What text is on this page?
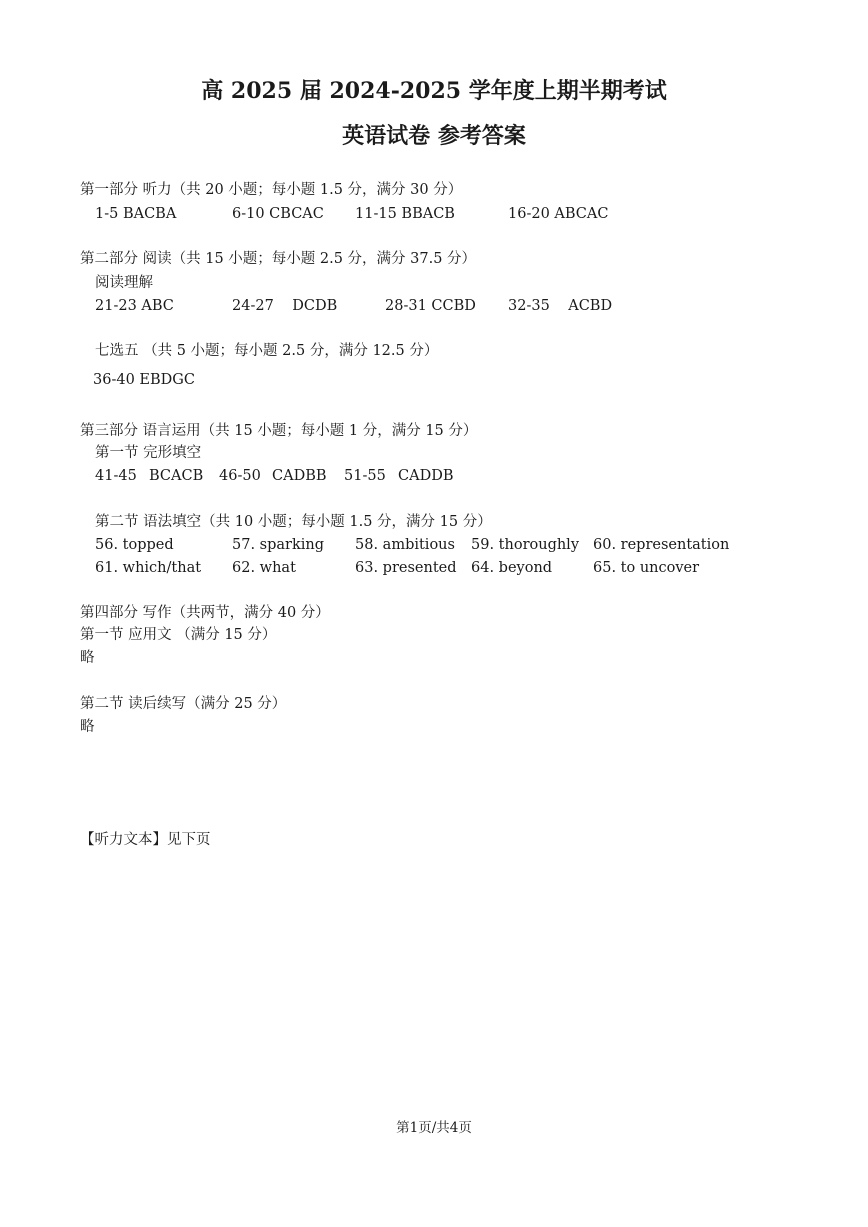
高 2025 届 2024-2025 学年度上期半期考试
英语试卷 参考答案
第一部分 听力（共 20 小题；每小题 1.5 分，满分 30 分）
1-5 BACBA	6-10 CBCAC 11-15 BBACB	16-20 ABCAC
第二部分 阅读（共 15 小题；每小题 2.5 分，满分 37.5 分）
阅读理解
21-23 ABC	24-27    DCDB	28-31 CCBD 32-35    ACBD
七选五 （共 5 小题；每小题 2.5 分，满分 12.5 分）
36-40 EBDGC
第三部分 语言运用（共 15 小题；每小题 1 分，满分 15 分）
第一节 完形填空
41-45 BCACB 46-50 CADBB 51-55 CADDB
第二节 语法填空（共 10 小题；每小题 1.5 分，满分 15 分）
56. topped	57. sparking 58. ambitious 59. thoroughly 60. representation
61. which/that 62. what	63. presented 64. beyond	65. to uncover
第四部分 写作（共两节，满分 40 分）
第一节 应用文 （满分 15 分）
略
第二节 读后续写（满分 25 分）
略
【听力文本】见下页
第1页/共4页
